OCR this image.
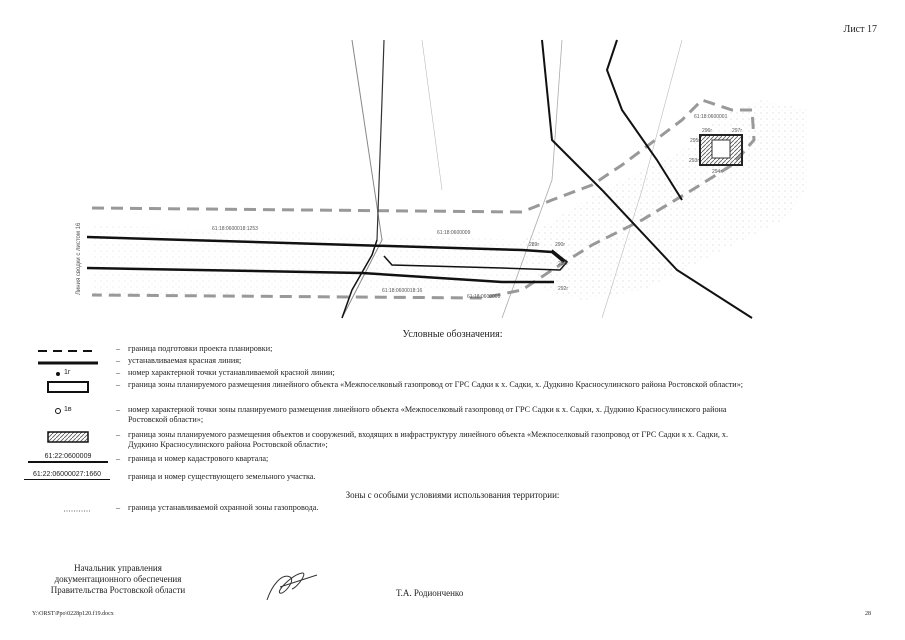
Лист 17
Линия сводки с листом 16	61:18:0600018:1253
61:18:0600009
61:18:0600018:16
61:18:0600009
61:18:0600001
289г	290г
291г
292г
293г
294г
295г
296г	297г
Условные обозначения:
– граница подготовки проекта планировки;
– устанавливаемая красная линия;
1г	– номер характерной точки устанавливаемой красной линии;
– граница зоны планируемого размещения линейного объекта «Межпоселковый газопровод от ГРС Садки к х. Садки, х. Дудкино Красносулинского района Ростовской области»;
1в	– номер характерной точки зоны планируемого размещения линейного объекта «Межпоселковый газопровод от ГРС Садки к х. Садки, х. Дудкино Красносулинского района Ростовской области»;
– граница зоны планируемого размещения объектов и сооружений, входящих в инфраструктуру линейного объекта «Межпоселковый газопровод от ГРС Садки к х. Садки, х. Дудкино Красносулинского района Ростовской области»;
61:22:0600009	– граница и номер кадастрового квартала;
61:22:06000027:1660	граница и номер существующего земельного участка.
Зоны с особыми условиями использования территории:
– граница устанавливаемой охранной зоны газопровода.
Начальник управления
документационного обеспечения
Правительства Ростовской области	Т.А. Родионченко
Y:\ORST\Ppo\0228p120.f19.docx	28
